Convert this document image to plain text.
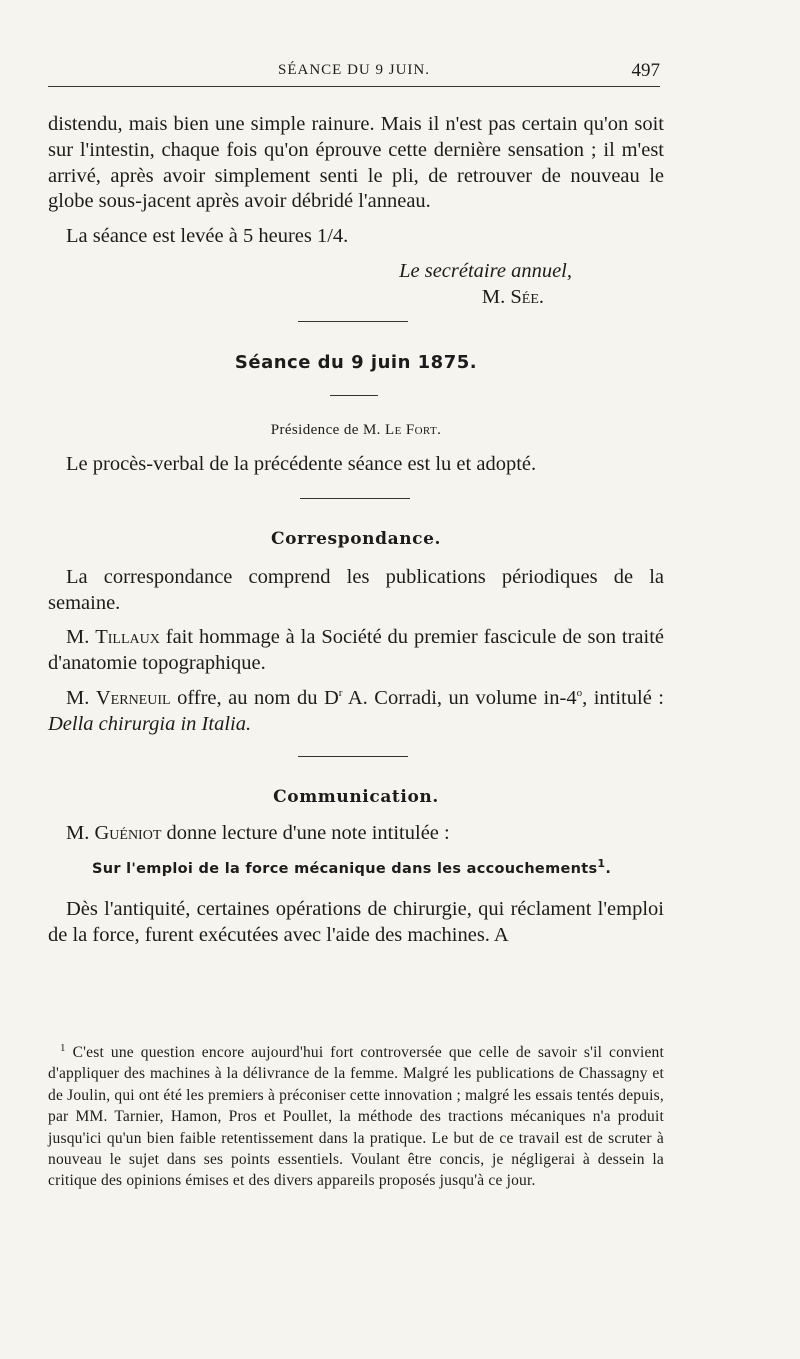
SÉANCE DU 9 JUIN.	497

distendu, mais bien une simple rainure. Mais il n'est pas certain qu'on soit sur l'intestin, chaque fois qu'on éprouve cette dernière sensation ; il m'est arrivé, après avoir simplement senti le pli, de retrouver de nouveau le globe sous-jacent après avoir débridé l'anneau.

La séance est levée à 5 heures 1/4.

Le secrétaire annuel,

M. Sée.

Séance du 9 juin 1875.

Présidence de M. Le Fort.

Le procès-verbal de la précédente séance est lu et adopté.

Correspondance.

La correspondance comprend les publications périodiques de la semaine.

M. Tillaux fait hommage à la Société du premier fascicule de son traité d'anatomie topographique.

M. Verneuil offre, au nom du $D^r$ A. Corradi, un volume in-4$^o$, intitulé : Della chirurgia in Italia.

Communication.

M. Guéniot donne lecture d'une note intitulée :

Sur l'emploi de la force mécanique dans les accouchements$^1$.

Dès l'antiquité, certaines opérations de chirurgie, qui réclament l'emploi de la force, furent exécutées avec l'aide des machines. A

$^1$ C'est une question encore aujourd'hui fort controversée que celle de savoir s'il convient d'appliquer des machines à la délivrance de la femme. Malgré les publications de Chassagny et de Joulin, qui ont été les premiers à préconiser cette innovation ; malgré les essais tentés depuis, par MM. Tarnier, Hamon, Pros et Poullet, la méthode des tractions mécaniques n'a produit jusqu'ici qu'un bien faible retentissement dans la pratique. Le but de ce travail est de scruter à nouveau le sujet dans ses points essentiels. Voulant être concis, je négligerai à dessein la critique des opinions émises et des divers appareils proposés jusqu'à ce jour.
